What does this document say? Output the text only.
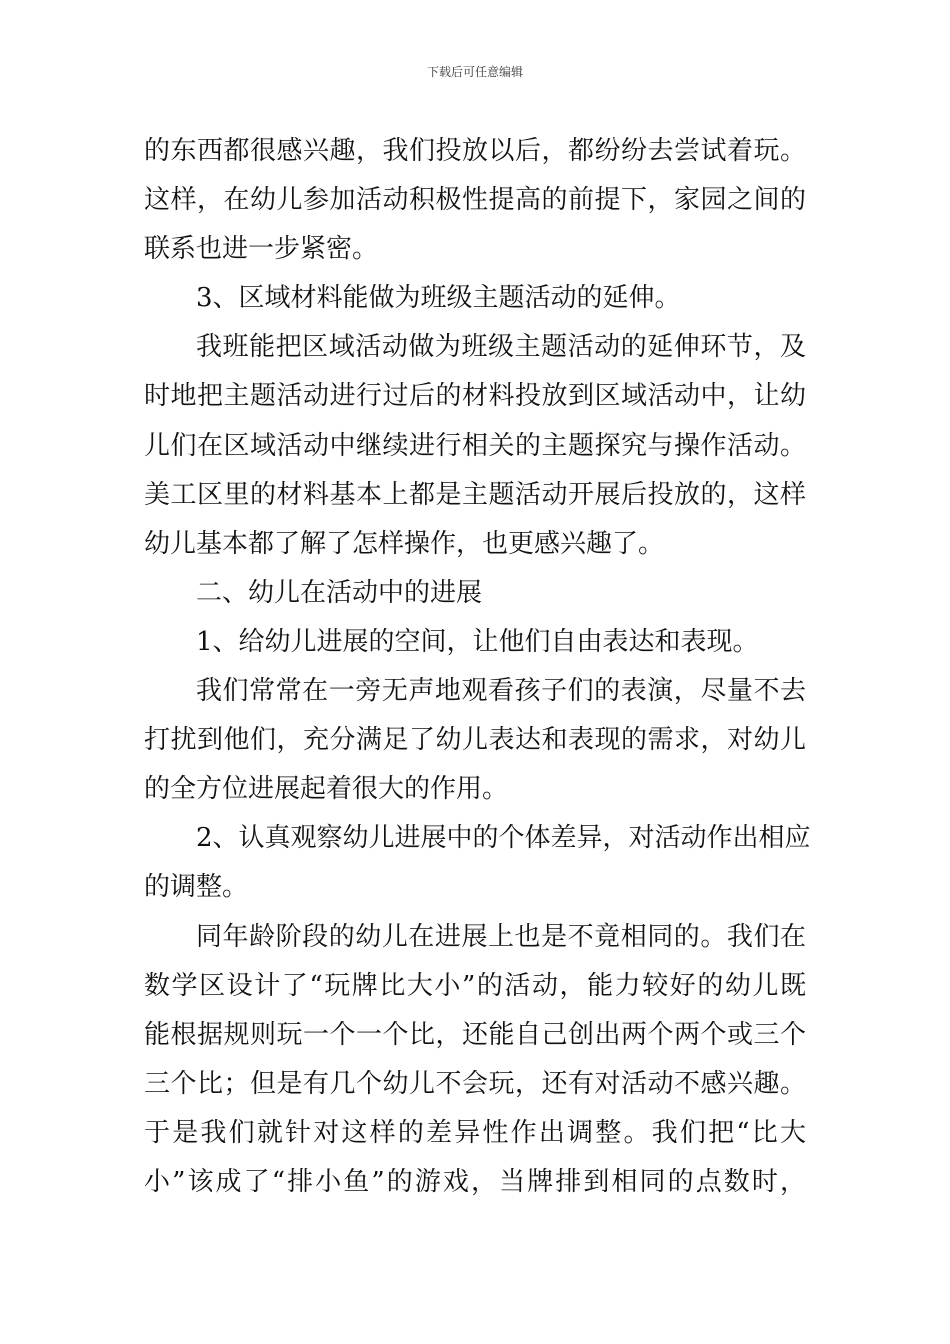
下载后可任意编辑
的东西都很感兴趣，我们投放以后，都纷纷去尝试着玩。
这样，在幼儿参加活动积极性提高的前提下，家园之间的
联系也进一步紧密。
3、区域材料能做为班级主题活动的延伸。
我班能把区域活动做为班级主题活动的延伸环节，及
时地把主题活动进行过后的材料投放到区域活动中，让幼
儿们在区域活动中继续进行相关的主题探究与操作活动。
美工区里的材料基本上都是主题活动开展后投放的，这样
幼儿基本都了解了怎样操作，也更感兴趣了。
二、幼儿在活动中的进展
1、给幼儿进展的空间，让他们自由表达和表现。
我们常常在一旁无声地观看孩子们的表演，尽量不去
打扰到他们，充分满足了幼儿表达和表现的需求，对幼儿
的全方位进展起着很大的作用。
2、认真观察幼儿进展中的个体差异，对活动作出相应
的调整。
同年龄阶段的幼儿在进展上也是不竟相同的。我们在
数学区设计了“玩牌比大小”的活动，能力较好的幼儿既
能根据规则玩一个一个比，还能自己创出两个两个或三个
三个比；但是有几个幼儿不会玩，还有对活动不感兴趣。
于是我们就针对这样的差异性作出调整。我们把“比大
小”该成了“排小鱼”的游戏，当牌排到相同的点数时，
